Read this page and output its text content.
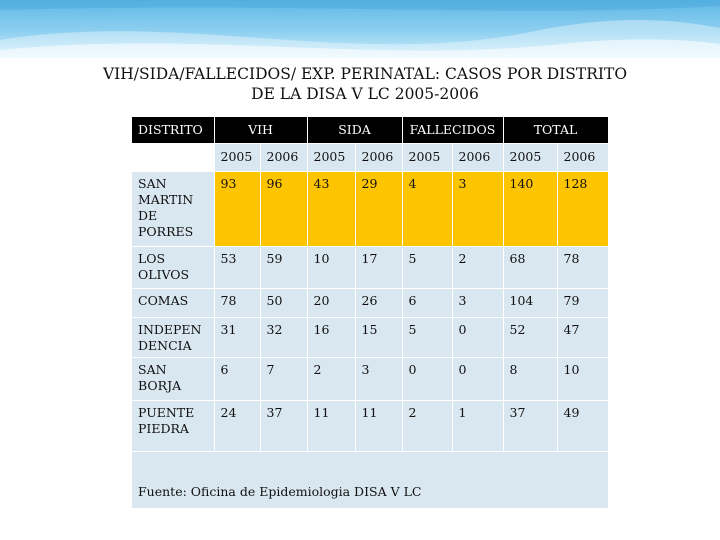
VIH/SIDA/FALLECIDOS/ EXP. PERINATAL: CASOS POR DISTRITO
DE LA DISA V LC 2005-2006
DISTRITO	VIH		SIDA		FALLECIDOS		TOTAL	
	2005	2006	2005	2006	2005	2006	2005	2006
SAN MARTIN DE PORRES	93	96	43	29	4	3	140	128
LOS OLIVOS	53	59	10	17	5	2	68	78
COMAS	78	50	20	26	6	3	104	79
INDEPEN DENCIA	31	32	16	15	5	0	52	47
SAN BORJA	6	7	2	3	0	0	8	10
PUENTE PIEDRA	24	37	11	11	2	1	37	49
Fuente: Oficina de Epidemiologia DISA V LC								
